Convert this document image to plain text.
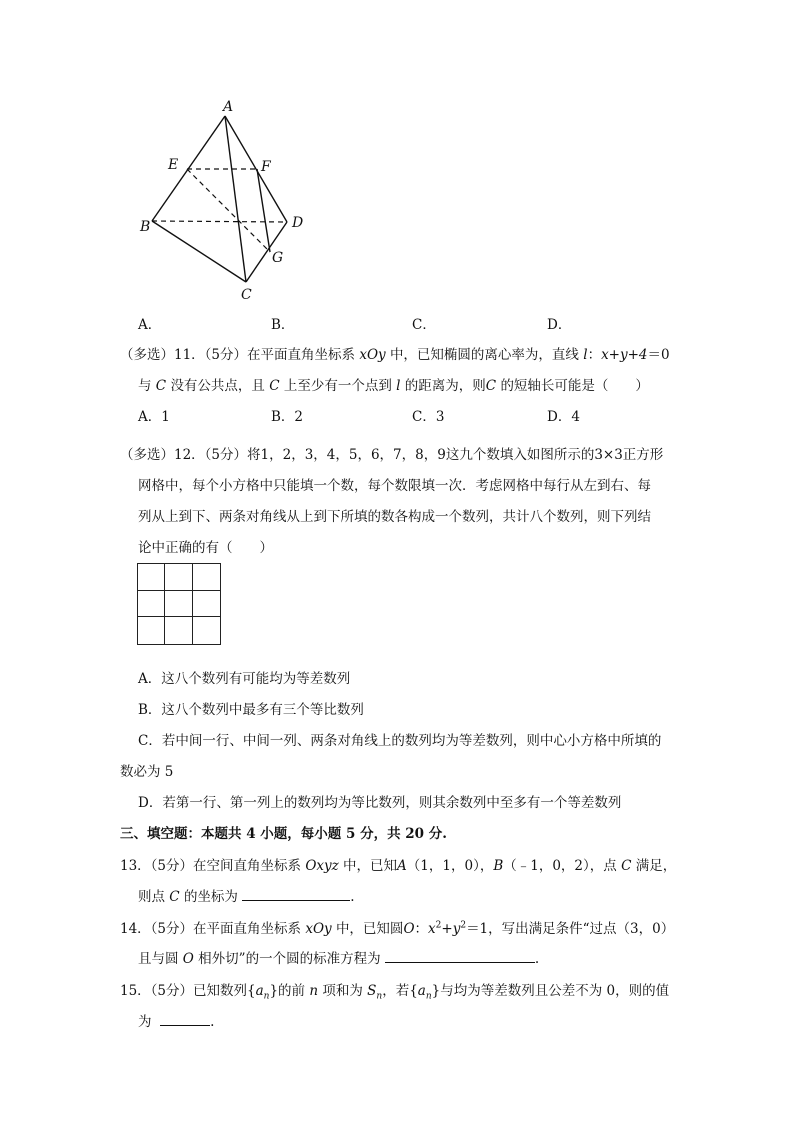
A
E	F
B	D
G
C
A．	B．	C．	D．
（多选）11．（5分）在平面直角坐标系 xOy 中，已知椭圆的离心率为，直线 l：x+y+4＝0
与 C 没有公共点，且 C 上至少有一个点到 l 的距离为，则C 的短轴长可能是（　　）
A．1	B．2	C．3	D．4
（多选）12．（5分）将1，2，3，4，5，6，7，8，9这九个数填入如图所示的3×3正方形
网格中，每个小方格中只能填一个数，每个数限填一次．考虑网格中每行从左到右、每
列从上到下、两条对角线从上到下所填的数各构成一个数列，共计八个数列，则下列结
论中正确的有（　　）
A．这八个数列有可能均为等差数列
B．这八个数列中最多有三个等比数列
C．若中间一行、中间一列、两条对角线上的数列均为等差数列，则中心小方格中所填的
数必为 5
D．若第一行、第一列上的数列均为等比数列，则其余数列中至多有一个等差数列
三、填空题：本题共 4 小题，每小题 5 分，共 20 分.
13．（5分）在空间直角坐标系 Oxyz 中，已知A（1，1，0），B（﹣1，0，2），点 C 满足，
则点 C 的坐标为	.
14．（5分）在平面直角坐标系 xOy 中，已知圆O：$x^2+y^2=1$，写出满足条件“过点（3，0）
且与圆 O 相外切”的一个圆的标准方程为	.
15．（5分）已知数列$\{a_n\}$的前 n 项和为 $S_n$，若$\{a_n\}$与均为等差数列且公差不为 0，则的值
为	.
